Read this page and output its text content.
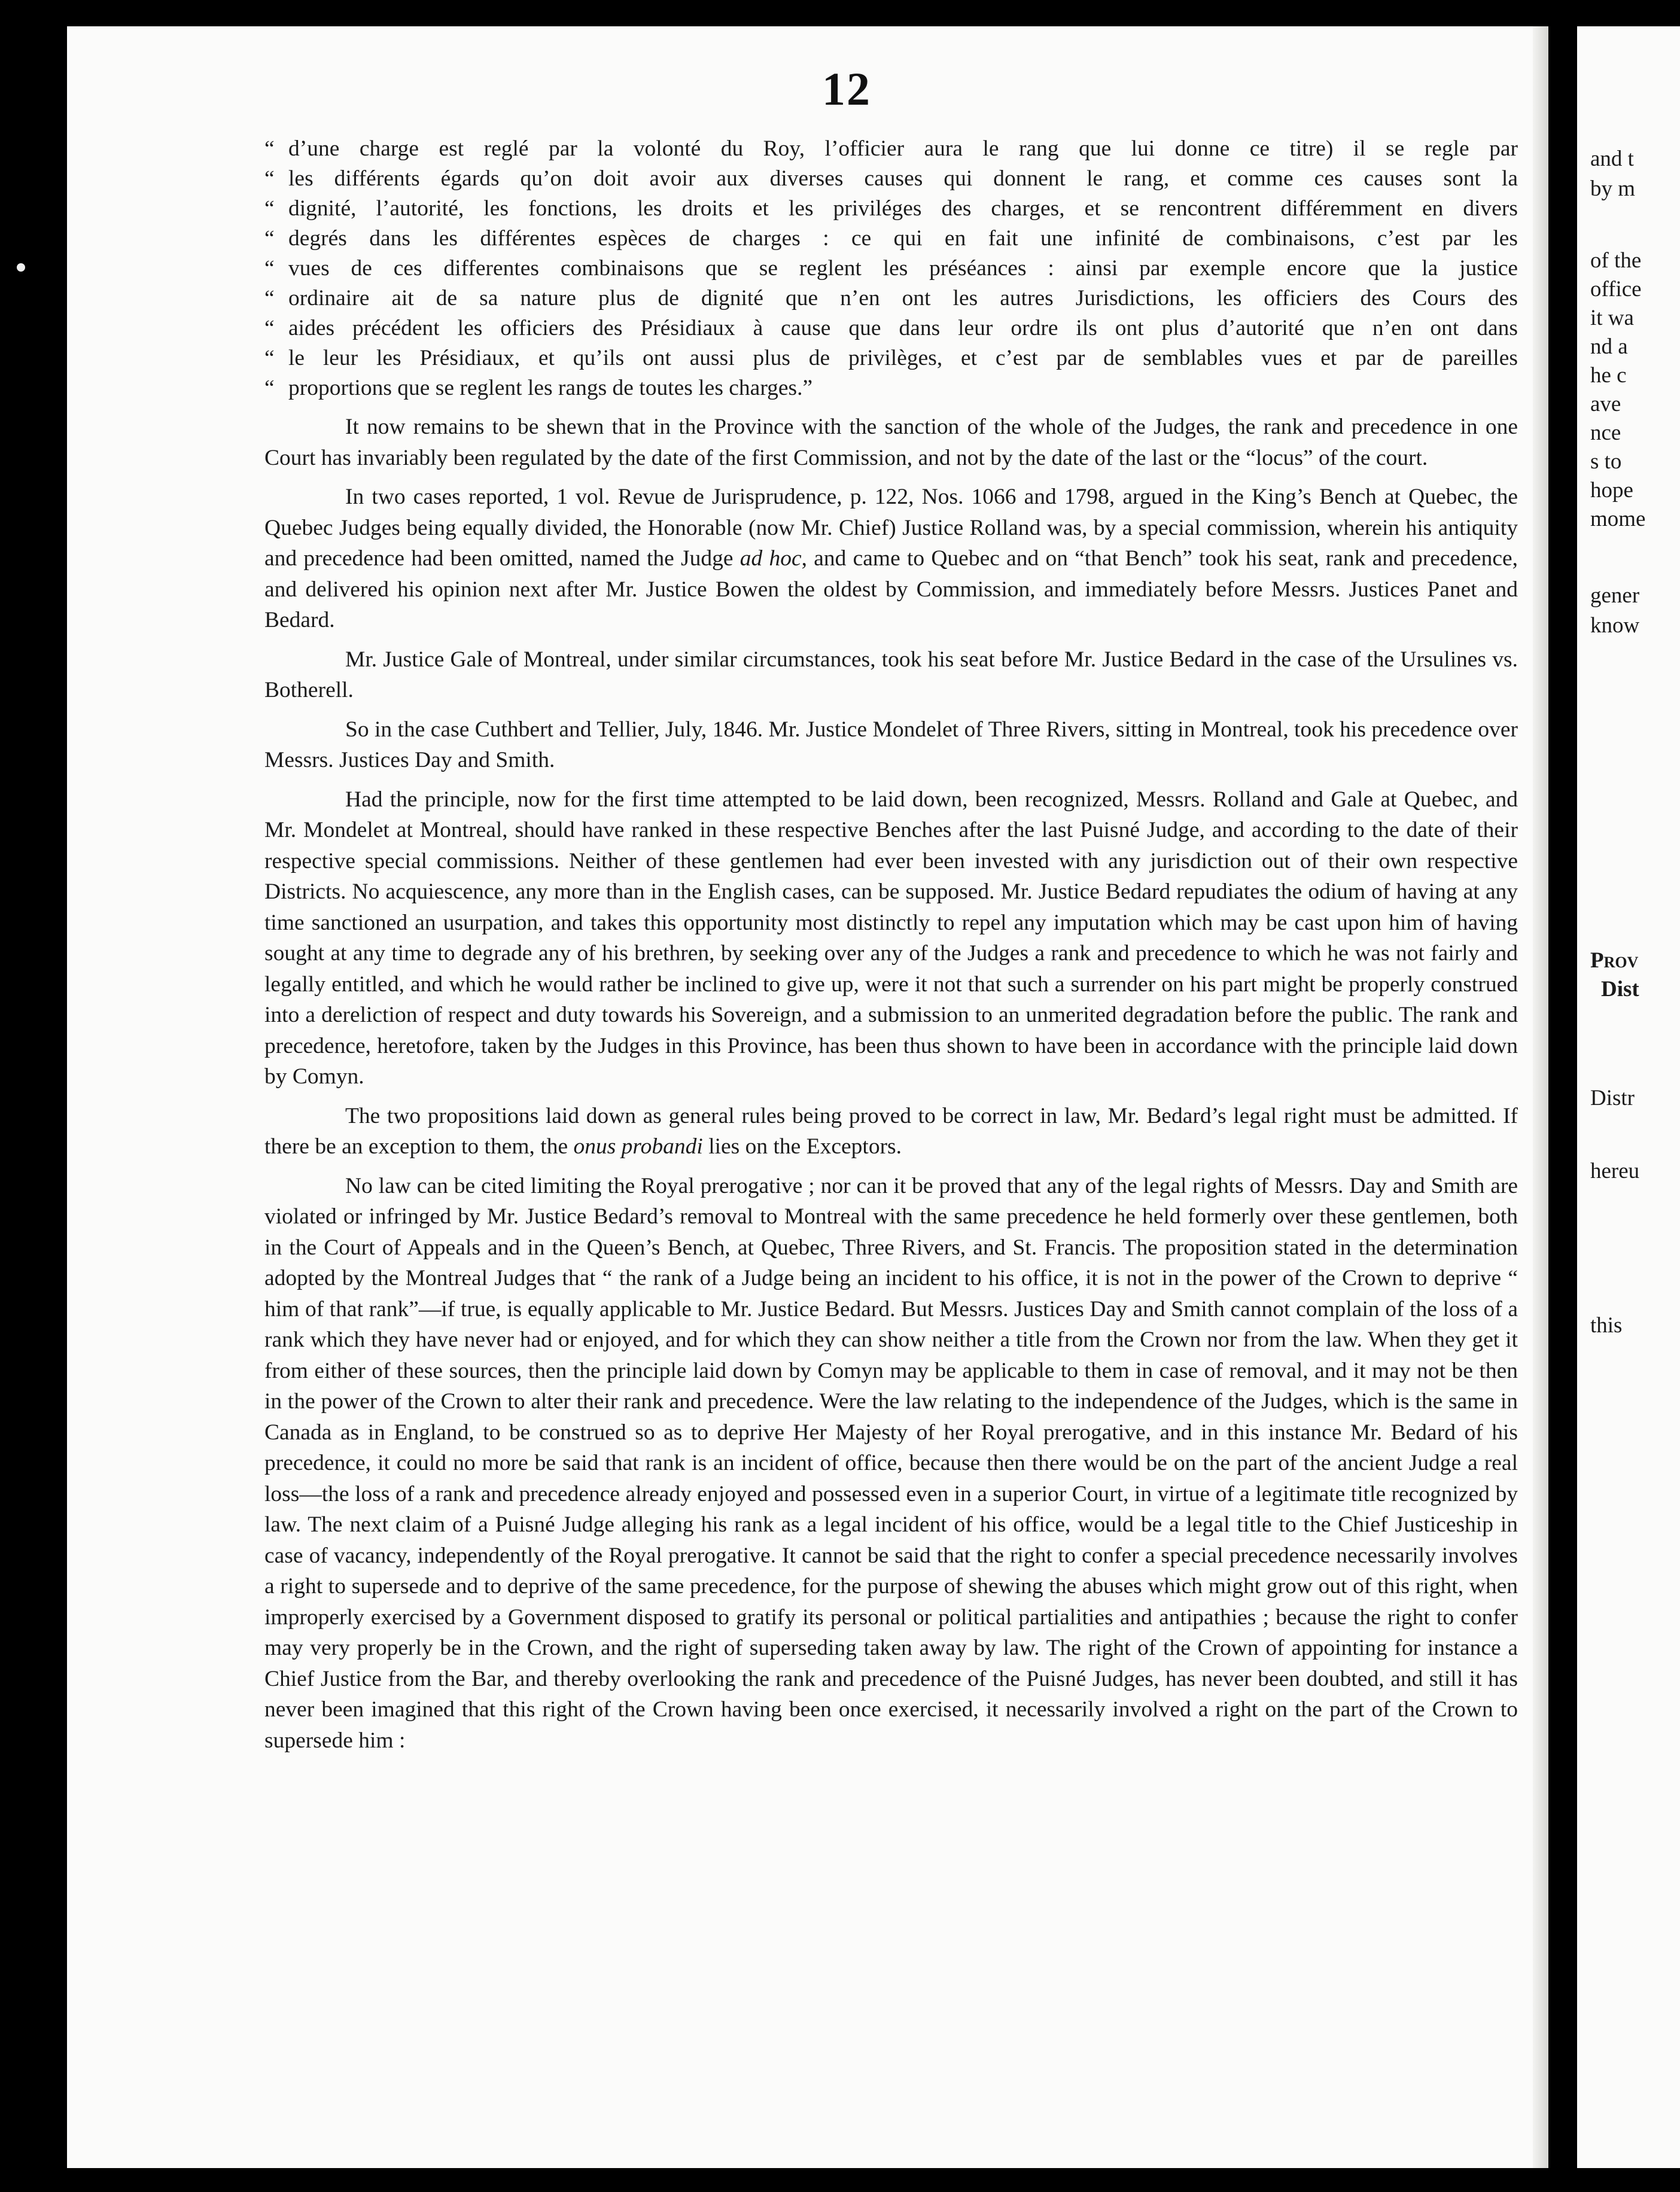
12
“ d’une charge est reglé par la volonté du Roy, l’officier aura le rang que lui donne ce titre) il se regle par
“ les différents égards qu’on doit avoir aux diverses causes qui donnent le rang, et comme ces causes sont la
“ dignité, l’autorité, les fonctions, les droits et les priviléges des charges, et se rencontrent différemment en divers
“ degrés dans les différentes espèces de charges : ce qui en fait une infinité de combinaisons, c’est par les
“ vues de ces differentes combinaisons que se reglent les préséances : ainsi par exemple encore que la justice
“ ordinaire ait de sa nature plus de dignité que n’en ont les autres Jurisdictions, les officiers des Cours des
“ aides précédent les officiers des Présidiaux à cause que dans leur ordre ils ont plus d’autorité que n’en ont dans
“ le leur les Présidiaux, et qu’ils ont aussi plus de privilèges, et c’est par de semblables vues et par de pareilles
“ proportions que se reglent les rangs de toutes les charges.”

It now remains to be shewn that in the Province with the sanction of the whole of the Judges, the rank and precedence in one Court has invariably been regulated by the date of the first Commission, and not by the date of the last or the “locus” of the court.

In two cases reported, 1 vol. Revue de Jurisprudence, p. 122, Nos. 1066 and 1798, argued in the King’s Bench at Quebec, the Quebec Judges being equally divided, the Honorable (now Mr. Chief) Justice Rolland was, by a special commission, wherein his antiquity and precedence had been omitted, named the Judge ad hoc, and came to Quebec and on “that Bench” took his seat, rank and precedence, and delivered his opinion next after Mr. Justice Bowen the oldest by Commission, and immediately before Messrs. Justices Panet and Bedard.

Mr. Justice Gale of Montreal, under similar circumstances, took his seat before Mr. Justice Bedard in the case of the Ursulines vs. Botherell.

So in the case Cuthbert and Tellier, July, 1846. Mr. Justice Mondelet of Three Rivers, sitting in Montreal, took his precedence over Messrs. Justices Day and Smith.

Had the principle, now for the first time attempted to be laid down, been recognized, Messrs. Rolland and Gale at Quebec, and Mr. Mondelet at Montreal, should have ranked in these respective Benches after the last Puisné Judge, and according to the date of their respective special commissions. Neither of these gentlemen had ever been invested with any jurisdiction out of their own respective Districts. No acquiescence, any more than in the English cases, can be supposed. Mr. Justice Bedard repudiates the odium of having at any time sanctioned an usurpation, and takes this opportunity most distinctly to repel any imputation which may be cast upon him of having sought at any time to degrade any of his brethren, by seeking over any of the Judges a rank and precedence to which he was not fairly and legally entitled, and which he would rather be inclined to give up, were it not that such a surrender on his part might be properly construed into a dereliction of respect and duty towards his Sovereign, and a submission to an unmerited degradation before the public. The rank and precedence, heretofore, taken by the Judges in this Province, has been thus shown to have been in accordance with the principle laid down by Comyn.

The two propositions laid down as general rules being proved to be correct in law, Mr. Bedard’s legal right must be admitted. If there be an exception to them, the onus probandi lies on the Exceptors.

No law can be cited limiting the Royal prerogative ; nor can it be proved that any of the legal rights of Messrs. Day and Smith are violated or infringed by Mr. Justice Bedard’s removal to Montreal with the same precedence he held formerly over these gentlemen, both in the Court of Appeals and in the Queen’s Bench, at Quebec, Three Rivers, and St. Francis. The proposition stated in the determination adopted by the Montreal Judges that “ the rank of a Judge being an incident to his office, it is not in the power of the Crown to deprive “ him of that rank”—if true, is equally applicable to Mr. Justice Bedard. But Messrs. Justices Day and Smith cannot complain of the loss of a rank which they have never had or enjoyed, and for which they can show neither a title from the Crown nor from the law. When they get it from either of these sources, then the principle laid down by Comyn may be applicable to them in case of removal, and it may not be then in the power of the Crown to alter their rank and precedence. Were the law relating to the independence of the Judges, which is the same in Canada as in England, to be construed so as to deprive Her Majesty of her Royal prerogative, and in this instance Mr. Bedard of his precedence, it could no more be said that rank is an incident of office, because then there would be on the part of the ancient Judge a real loss—the loss of a rank and precedence already enjoyed and possessed even in a superior Court, in virtue of a legitimate title recognized by law. The next claim of a Puisné Judge alleging his rank as a legal incident of his office, would be a legal title to the Chief Justiceship in case of vacancy, independently of the Royal prerogative. It cannot be said that the right to confer a special precedence necessarily involves a right to supersede and to deprive of the same precedence, for the purpose of shewing the abuses which might grow out of this right, when improperly exercised by a Government disposed to gratify its personal or political partialities and antipathies ; because the right to confer may very properly be in the Crown, and the right of superseding taken away by law. The right of the Crown of appointing for instance a Chief Justice from the Bar, and thereby overlooking the rank and precedence of the Puisné Judges, has never been doubted, and still it has never been imagined that this right of the Crown having been once exercised, it necessarily involved a right on the part of the Crown to supersede him :

and t
by m
of the
office
it wa
nd a
he c
ave
nce
s to
hope
mome
gener
know
Prov
Dist
Distr
hereu
this
